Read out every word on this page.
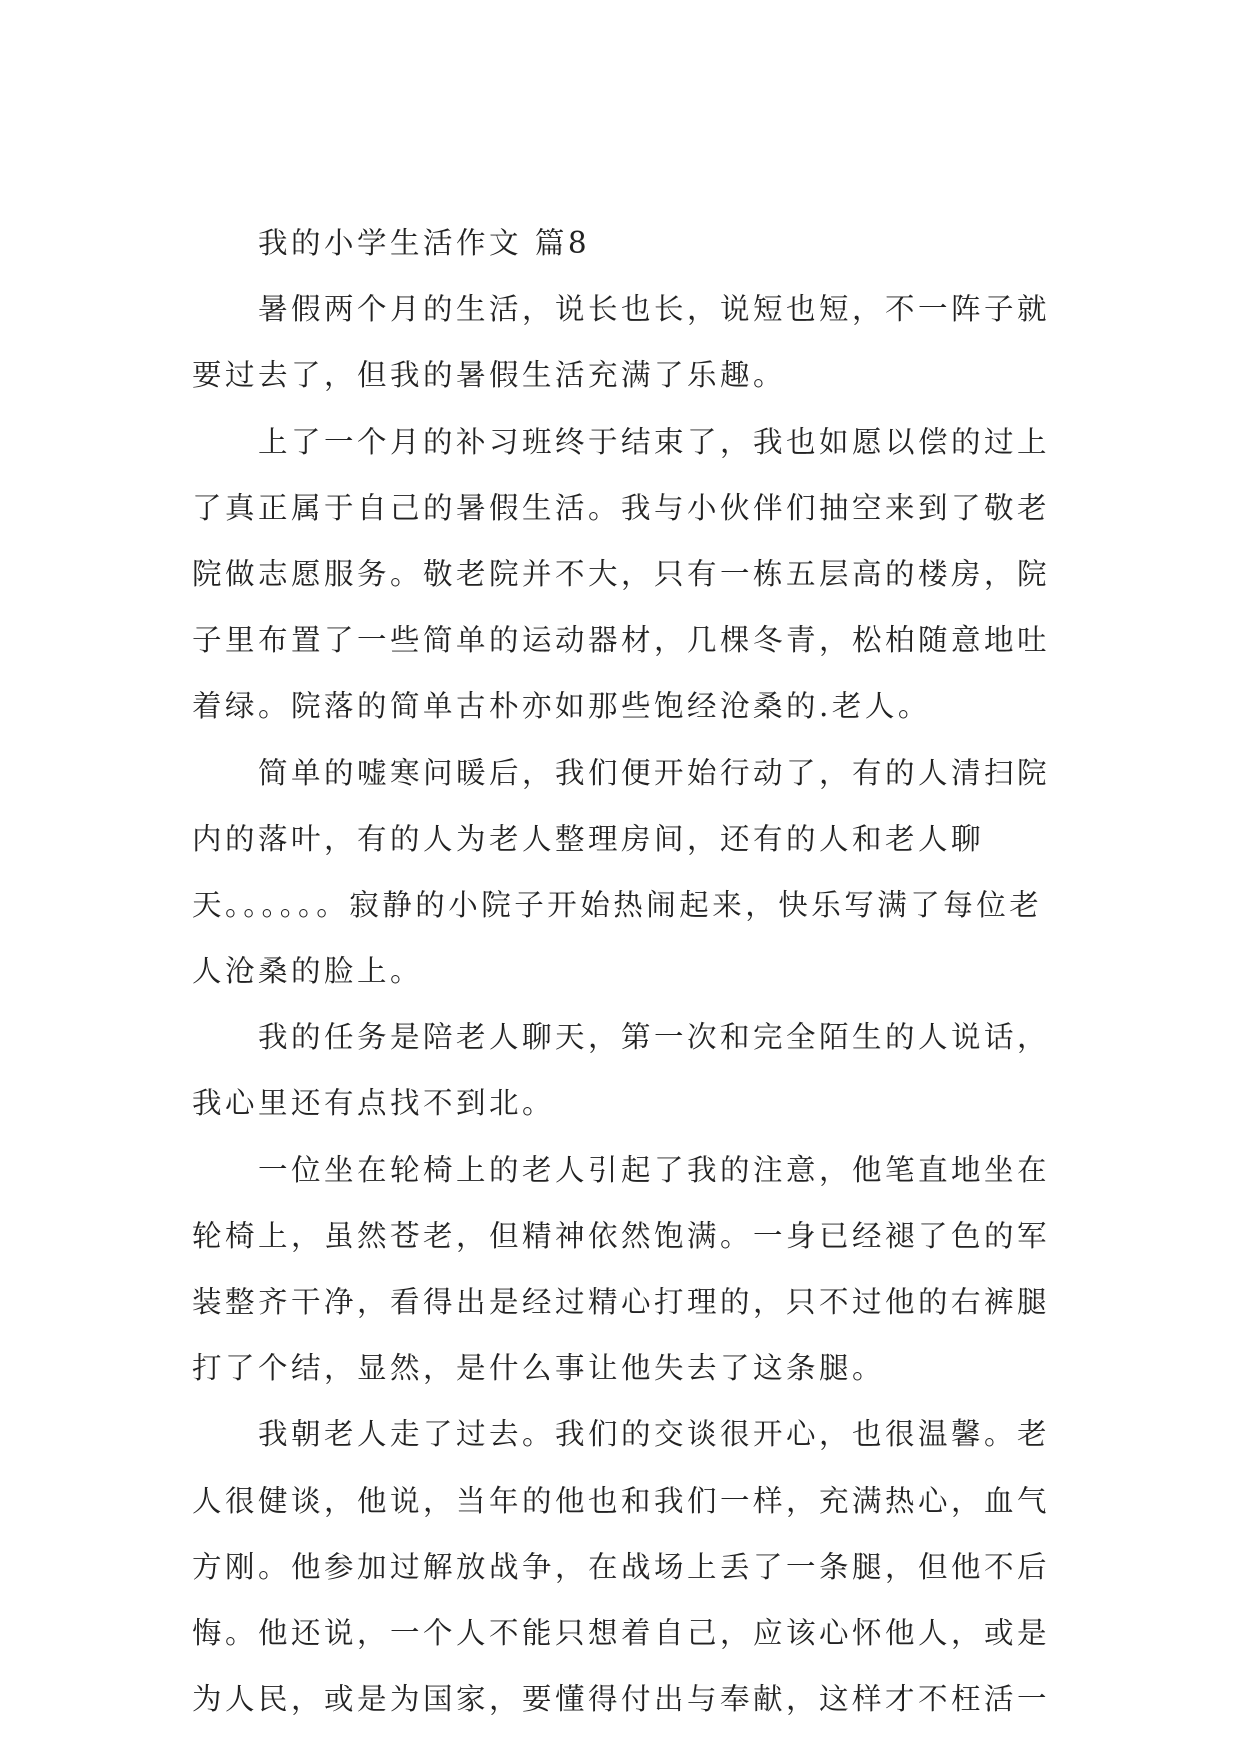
我的小学生活作文 篇8
暑假两个月的生活，说长也长，说短也短，不一阵子就
要过去了，但我的暑假生活充满了乐趣。
上了一个月的补习班终于结束了，我也如愿以偿的过上
了真正属于自己的暑假生活。我与小伙伴们抽空来到了敬老
院做志愿服务。敬老院并不大，只有一栋五层高的楼房，院
子里布置了一些简单的运动器材，几棵冬青，松柏随意地吐
着绿。院落的简单古朴亦如那些饱经沧桑的.老人。
简单的嘘寒问暖后，我们便开始行动了，有的人清扫院
内的落叶，有的人为老人整理房间，还有的人和老人聊
天。。。。。。寂静的小院子开始热闹起来，快乐写满了每位老
人沧桑的脸上。
我的任务是陪老人聊天，第一次和完全陌生的人说话，
我心里还有点找不到北。
一位坐在轮椅上的老人引起了我的注意，他笔直地坐在
轮椅上，虽然苍老，但精神依然饱满。一身已经褪了色的军
装整齐干净，看得出是经过精心打理的，只不过他的右裤腿
打了个结，显然，是什么事让他失去了这条腿。
我朝老人走了过去。我们的交谈很开心，也很温馨。老
人很健谈，他说，当年的他也和我们一样，充满热心，血气
方刚。他参加过解放战争，在战场上丢了一条腿，但他不后
悔。他还说，一个人不能只想着自己，应该心怀他人，或是
为人民，或是为国家，要懂得付出与奉献，这样才不枉活一
